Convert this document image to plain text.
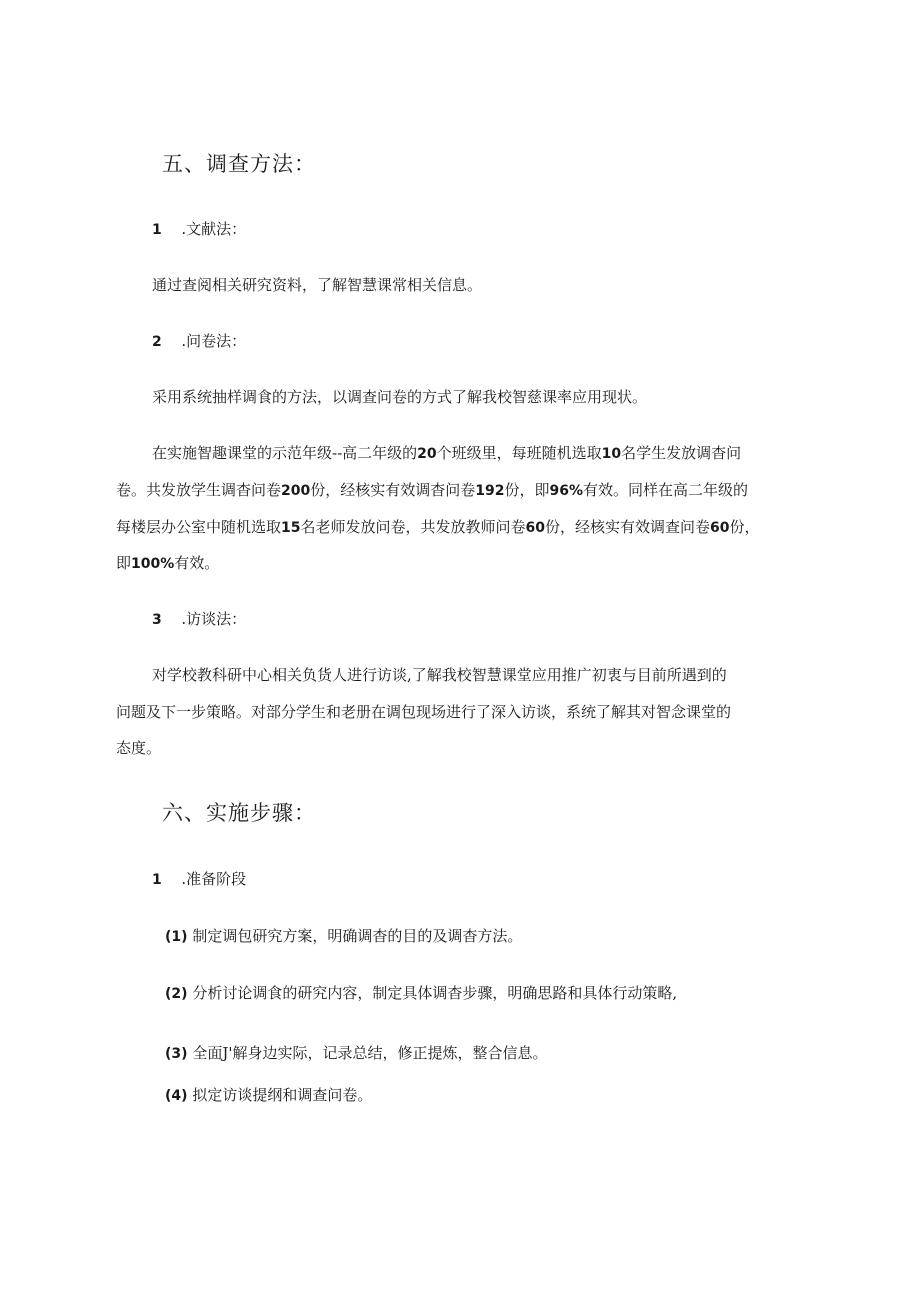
五、调查方法：
1 .文献法：
通过查阅相关研究资料，了解智慧课常相关信息。
2 .问卷法：
采用系统抽样调食的方法，以调查问卷的方式了解我校智慈课率应用现状。
在实施智趣课堂的示范年级--高二年级的20个班级里，每班随机选取10名学生发放调杳问
卷。共发放学生调杳问卷200份，经核实有效调杳问卷192份，即96%有效。同样在高二年级的
每楼层办公室中随机选取15名老师发放问卷，共发放教师问卷60份，经核实有效调查问卷60份，
即100%有效。
3 .访谈法：
对学校教科研中心相关负货人进行访谈,了解我校智慧课堂应用推广初衷与目前所遇到的
问题及下一步策略。对部分学生和老册在调包现场进行了深入访谈，系统了解其对智念课堂的
态度。
六、实施步骤：
1 .准备阶段
(1) 制定调包研究方案，明确调杳的目的及调杳方法。
(2) 分析讨论调食的研究内容，制定具体调杳步骤，明确思路和具体行动策略,
(3) 全面J'解身边实际，记录总结，修正提炼，整合信息。
(4) 拟定访谈提纲和调查问卷。
